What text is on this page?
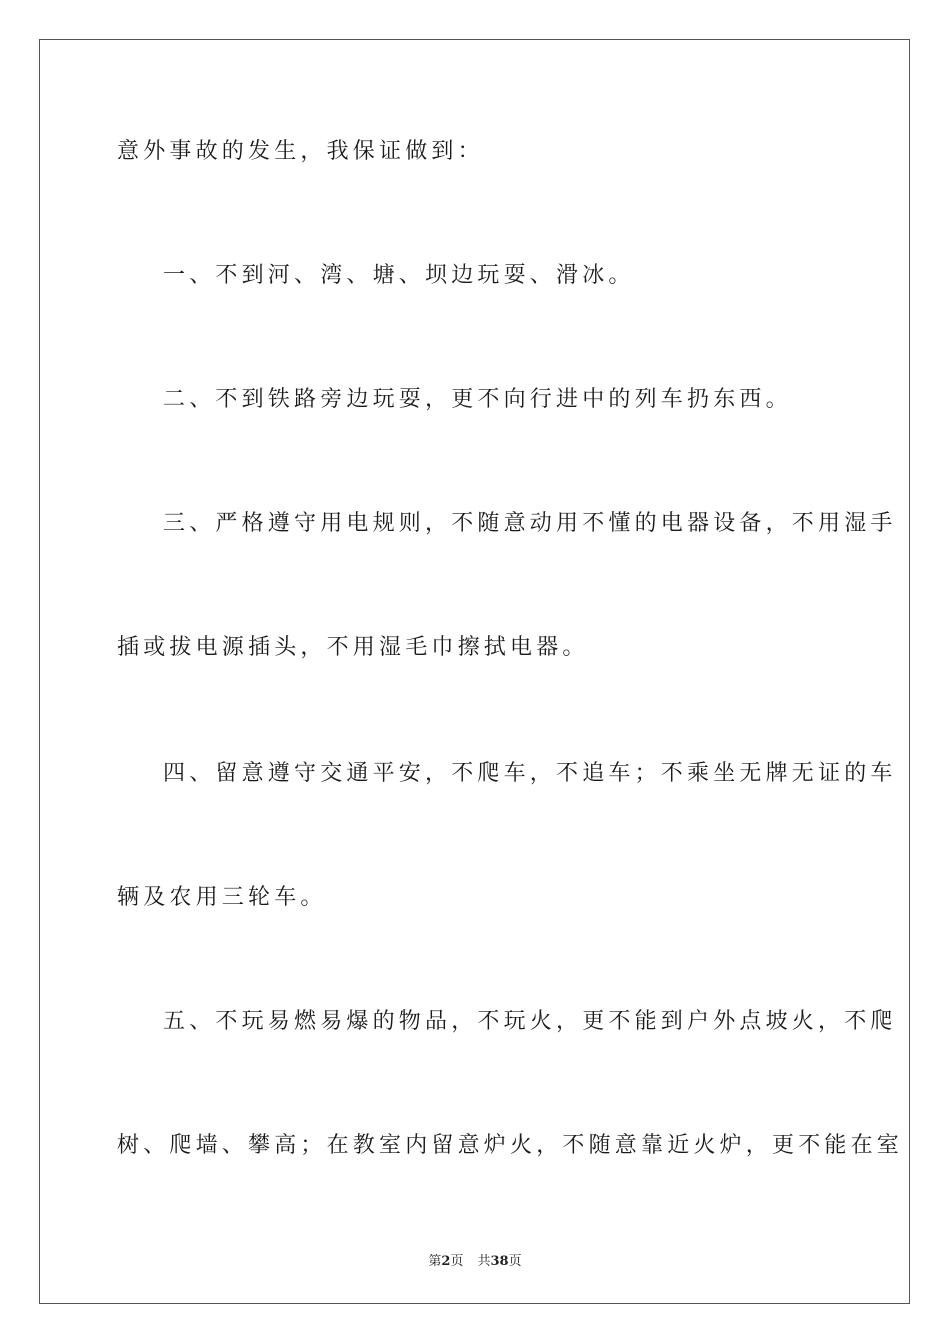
意外事故的发生，我保证做到：
一、不到河、湾、塘、坝边玩耍、滑冰。
二、不到铁路旁边玩耍，更不向行进中的列车扔东西。
三、严格遵守用电规则，不随意动用不懂的电器设备，不用湿手
插或拔电源插头，不用湿毛巾擦拭电器。
四、留意遵守交通平安，不爬车，不追车；不乘坐无牌无证的车
辆及农用三轮车。
五、不玩易燃易爆的物品，不玩火，更不能到户外点坡火，不爬
树、爬墙、攀高；在教室内留意炉火，不随意靠近火炉，更不能在室
第2页 共38页
